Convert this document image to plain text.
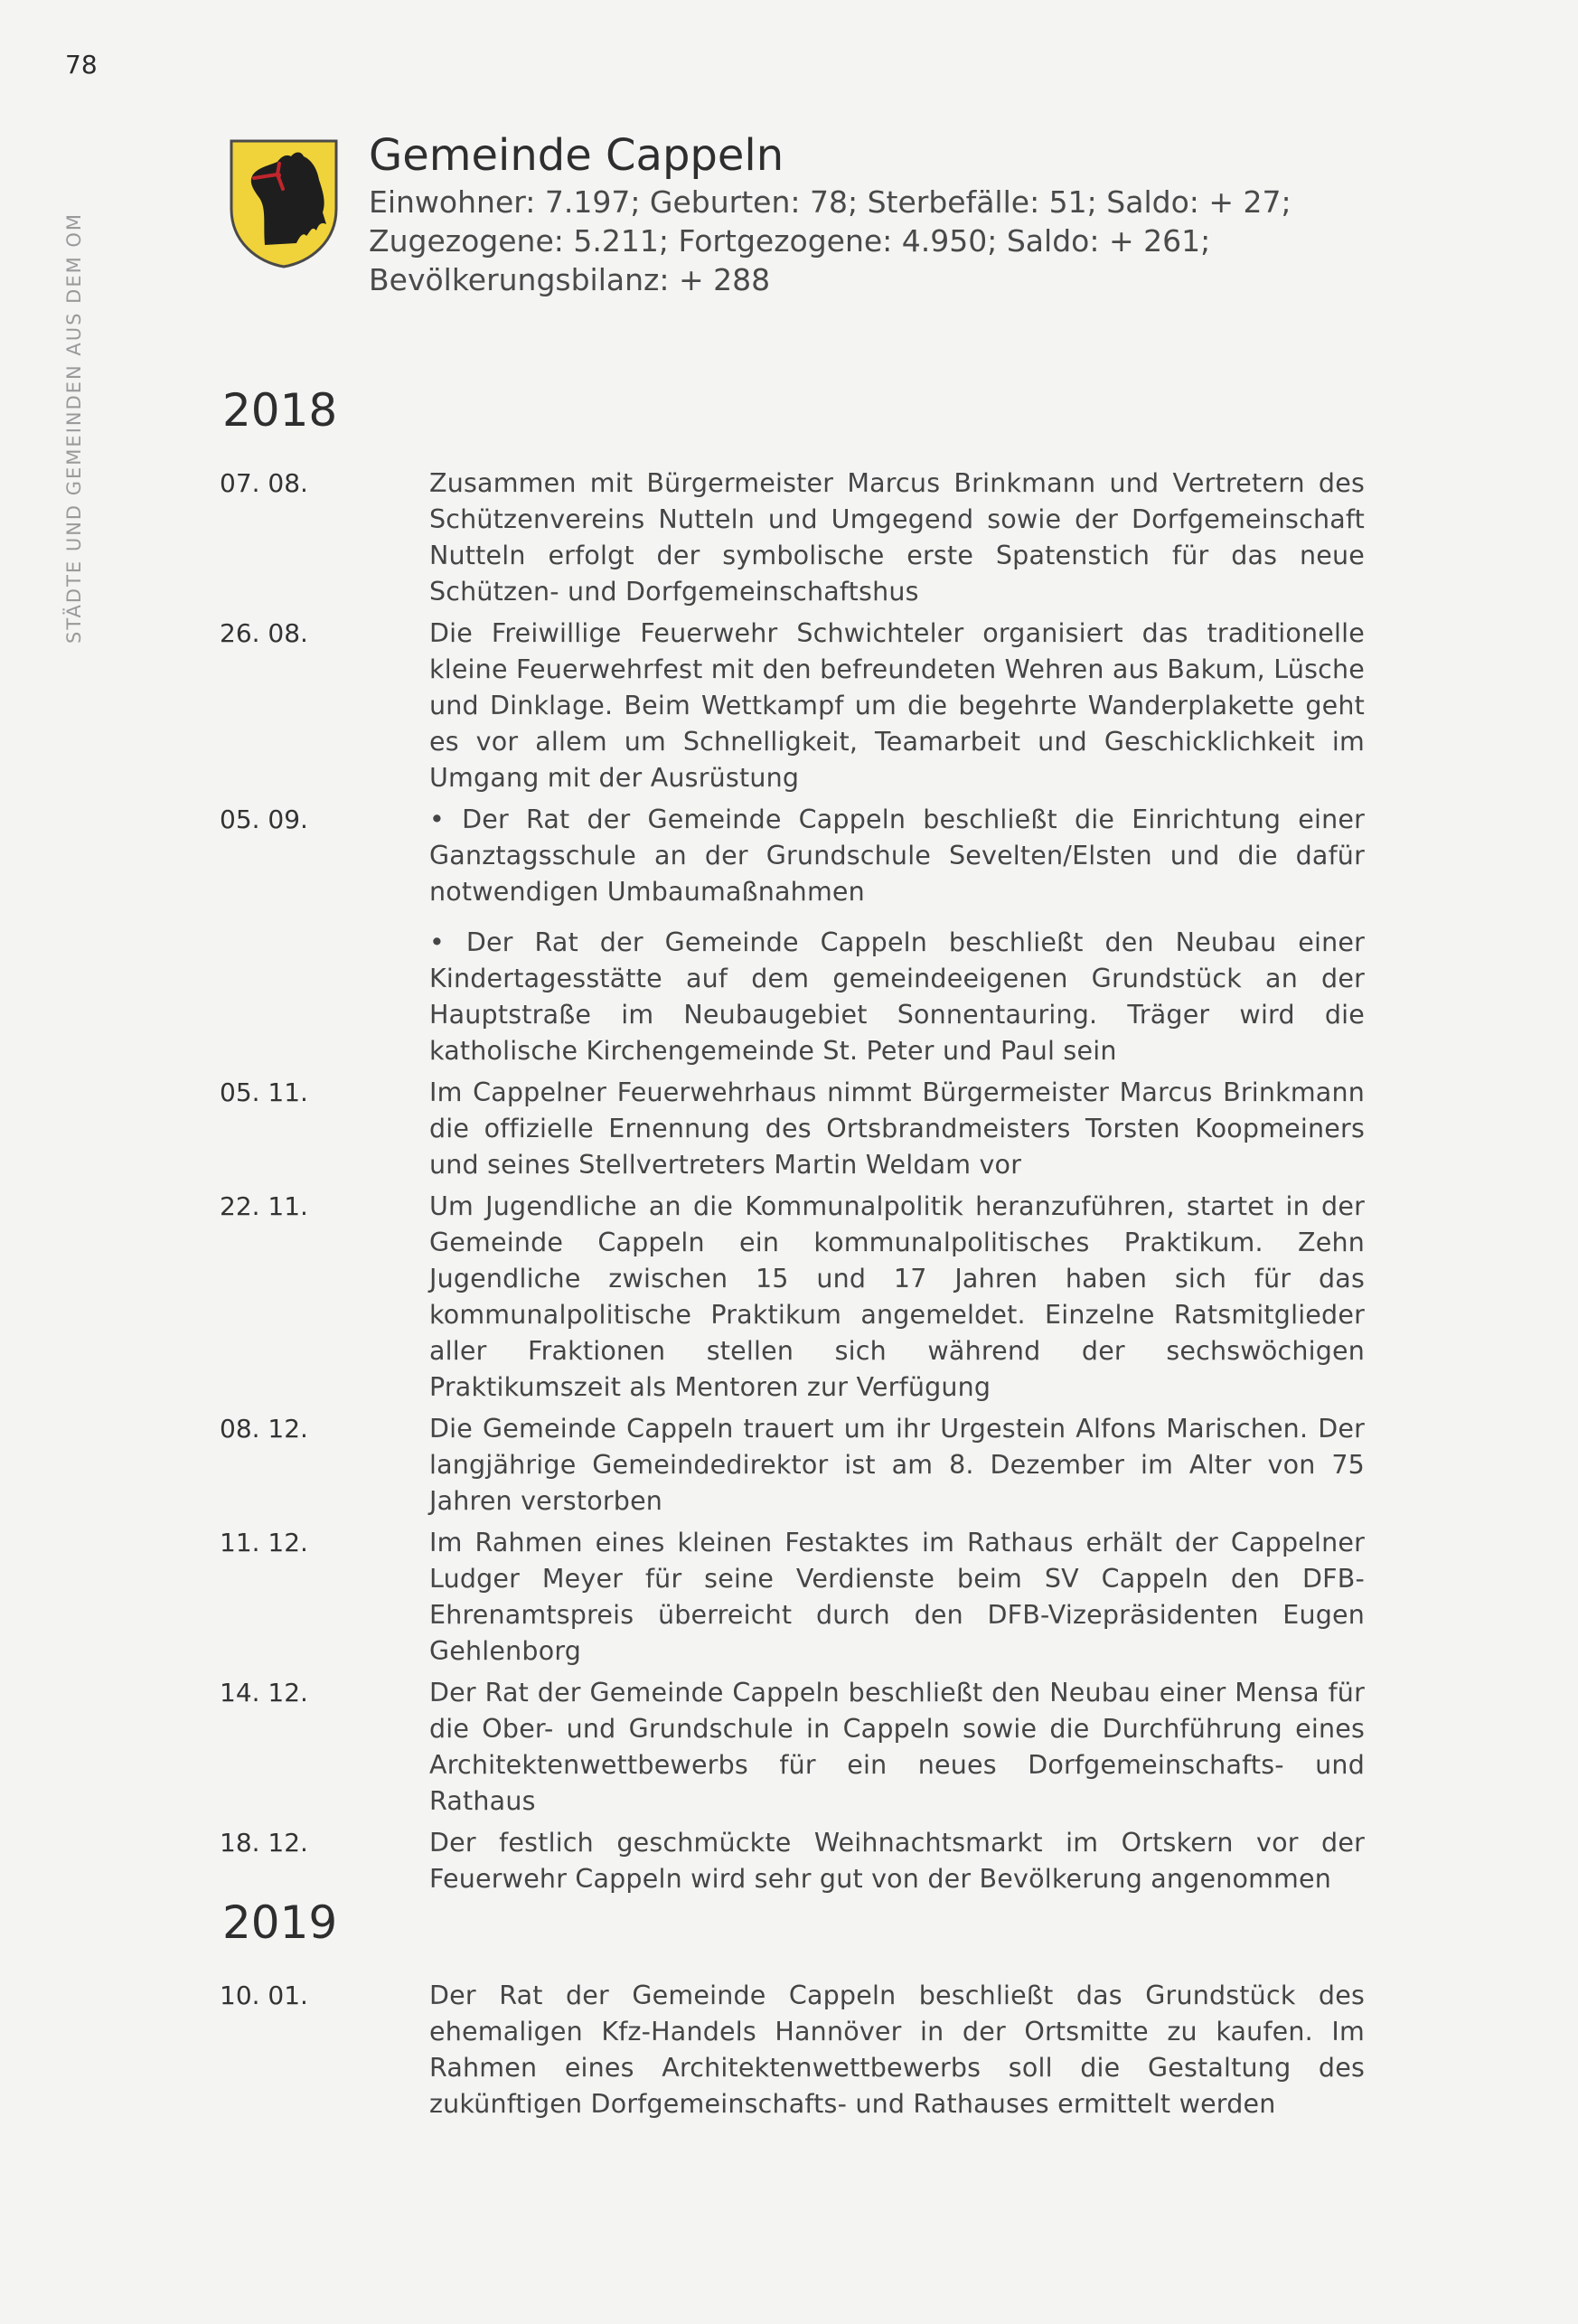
78
STÄDTE UND GEMEINDEN AUS DEM OM
Gemeinde Cappeln
Einwohner: 7.197; Geburten: 78; Sterbefälle: 51; Saldo: + 27;
Zugezogene: 5.211; Fortgezogene: 4.950; Saldo: + 261;
Bevölkerungsbilanz: + 288
2018
07. 08.	Zusammen mit Bürgermeister Marcus Brinkmann und Vertretern des Schützenvereins Nutteln und Umgegend sowie der Dorfgemeinschaft Nutteln erfolgt der symbolische erste Spatenstich für das neue Schützen- und Dorfgemeinschaftshus
26. 08.	Die Freiwillige Feuerwehr Schwichteler organisiert das traditionelle kleine Feuerwehrfest mit den befreundeten Wehren aus Bakum, Lüsche und Dinklage. Beim Wettkampf um die begehrte Wanderplakette geht es vor allem um Schnelligkeit, Teamarbeit und Geschicklichkeit im Umgang mit der Ausrüstung
05. 09.	• Der Rat der Gemeinde Cappeln beschließt die Einrichtung einer Ganztagsschule an der Grundschule Sevelten/Elsten und die dafür notwendigen Umbaumaßnahmen
• Der Rat der Gemeinde Cappeln beschließt den Neubau einer Kindertagesstätte auf dem gemeindeeigenen Grundstück an der Hauptstraße im Neubaugebiet Sonnentauring. Träger wird die katholische Kirchengemeinde St. Peter und Paul sein
05. 11.	Im Cappelner Feuerwehrhaus nimmt Bürgermeister Marcus Brinkmann die offizielle Ernennung des Ortsbrandmeisters Torsten Koopmeiners und seines Stellvertreters Martin Weldam vor
22. 11.	Um Jugendliche an die Kommunalpolitik heranzuführen, startet in der Gemeinde Cappeln ein kommunalpolitisches Praktikum. Zehn Jugendliche zwischen 15 und 17 Jahren haben sich für das kommunalpolitische Praktikum angemeldet. Einzelne Ratsmitglieder aller Fraktionen stellen sich während der sechswöchigen Praktikumszeit als Mentoren zur Verfügung
08. 12.	Die Gemeinde Cappeln trauert um ihr Urgestein Alfons Marischen. Der langjährige Gemeindedirektor ist am 8. Dezember im Alter von 75 Jahren verstorben
11. 12.	Im Rahmen eines kleinen Festaktes im Rathaus erhält der Cappelner Ludger Meyer für seine Verdienste beim SV Cappeln den DFB-Ehrenamtspreis überreicht durch den DFB-Vizepräsidenten Eugen Gehlenborg
14. 12.	Der Rat der Gemeinde Cappeln beschließt den Neubau einer Mensa für die Ober- und Grundschule in Cappeln sowie die Durchführung eines Architektenwettbewerbs für ein neues Dorfgemeinschafts- und Rathaus
18. 12.	Der festlich geschmückte Weihnachtsmarkt im Ortskern vor der Feuerwehr Cappeln wird sehr gut von der Bevölkerung angenommen
2019
10. 01.	Der Rat der Gemeinde Cappeln beschließt das Grundstück des ehemaligen Kfz-Handels Hannöver in der Ortsmitte zu kaufen. Im Rahmen eines Architektenwettbewerbs soll die Gestaltung des zukünftigen Dorfgemeinschafts- und Rathauses ermittelt werden
